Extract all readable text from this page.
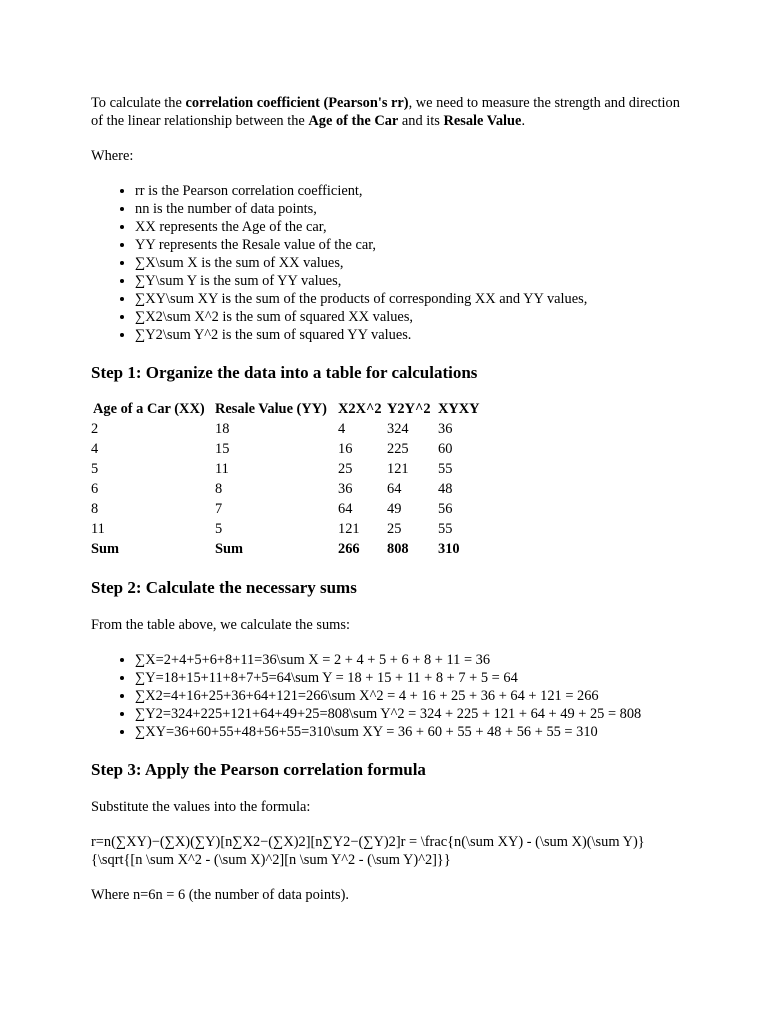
To calculate the correlation coefficient (Pearson's rr), we need to measure the strength and direction of the linear relationship between the Age of the Car and its Resale Value.

Where:

• rr is the Pearson correlation coefficient,
• nn is the number of data points,
• XX represents the Age of the car,
• YY represents the Resale value of the car,
• ∑X\sum X is the sum of XX values,
• ∑Y\sum Y is the sum of YY values,
• ∑XY\sum XY is the sum of the products of corresponding XX and YY values,
• ∑X2\sum X^2 is the sum of squared XX values,
• ∑Y2\sum Y^2 is the sum of squared YY values.
Step 1: Organize the data into a table for calculations
Age of a Car (XX)	Resale Value (YY)	X2X^2	Y2Y^2	XYXY
2	18	4	324	36
4	15	16	225	60
5	11	25	121	55
6	8	36	64	48
8	7	64	49	56
11	5	121	25	55
Sum	Sum	266	808	310
Step 2: Calculate the necessary sums

From the table above, we calculate the sums:

• ∑X=2+4+5+6+8+11=36\sum X = 2 + 4 + 5 + 6 + 8 + 11 = 36
• ∑Y=18+15+11+8+7+5=64\sum Y = 18 + 15 + 11 + 8 + 7 + 5 = 64
• ∑X2=4+16+25+36+64+121=266\sum X^2 = 4 + 16 + 25 + 36 + 64 + 121 = 266
• ∑Y2=324+225+121+64+49+25=808\sum Y^2 = 324 + 225 + 121 + 64 + 49 + 25 = 808
• ∑XY=36+60+55+48+56+55=310\sum XY = 36 + 60 + 55 + 48 + 56 + 55 = 310
Step 3: Apply the Pearson correlation formula

Substitute the values into the formula:

r=n(∑XY)−(∑X)(∑Y)[n∑X2−(∑X)2][n∑Y2−(∑Y)2]r = \frac{n(\sum XY) - (\sum X)(\sum Y)}{\sqrt{[n \sum X^2 - (\sum X)^2][n \sum Y^2 - (\sum Y)^2]}}

Where n=6n = 6 (the number of data points).
